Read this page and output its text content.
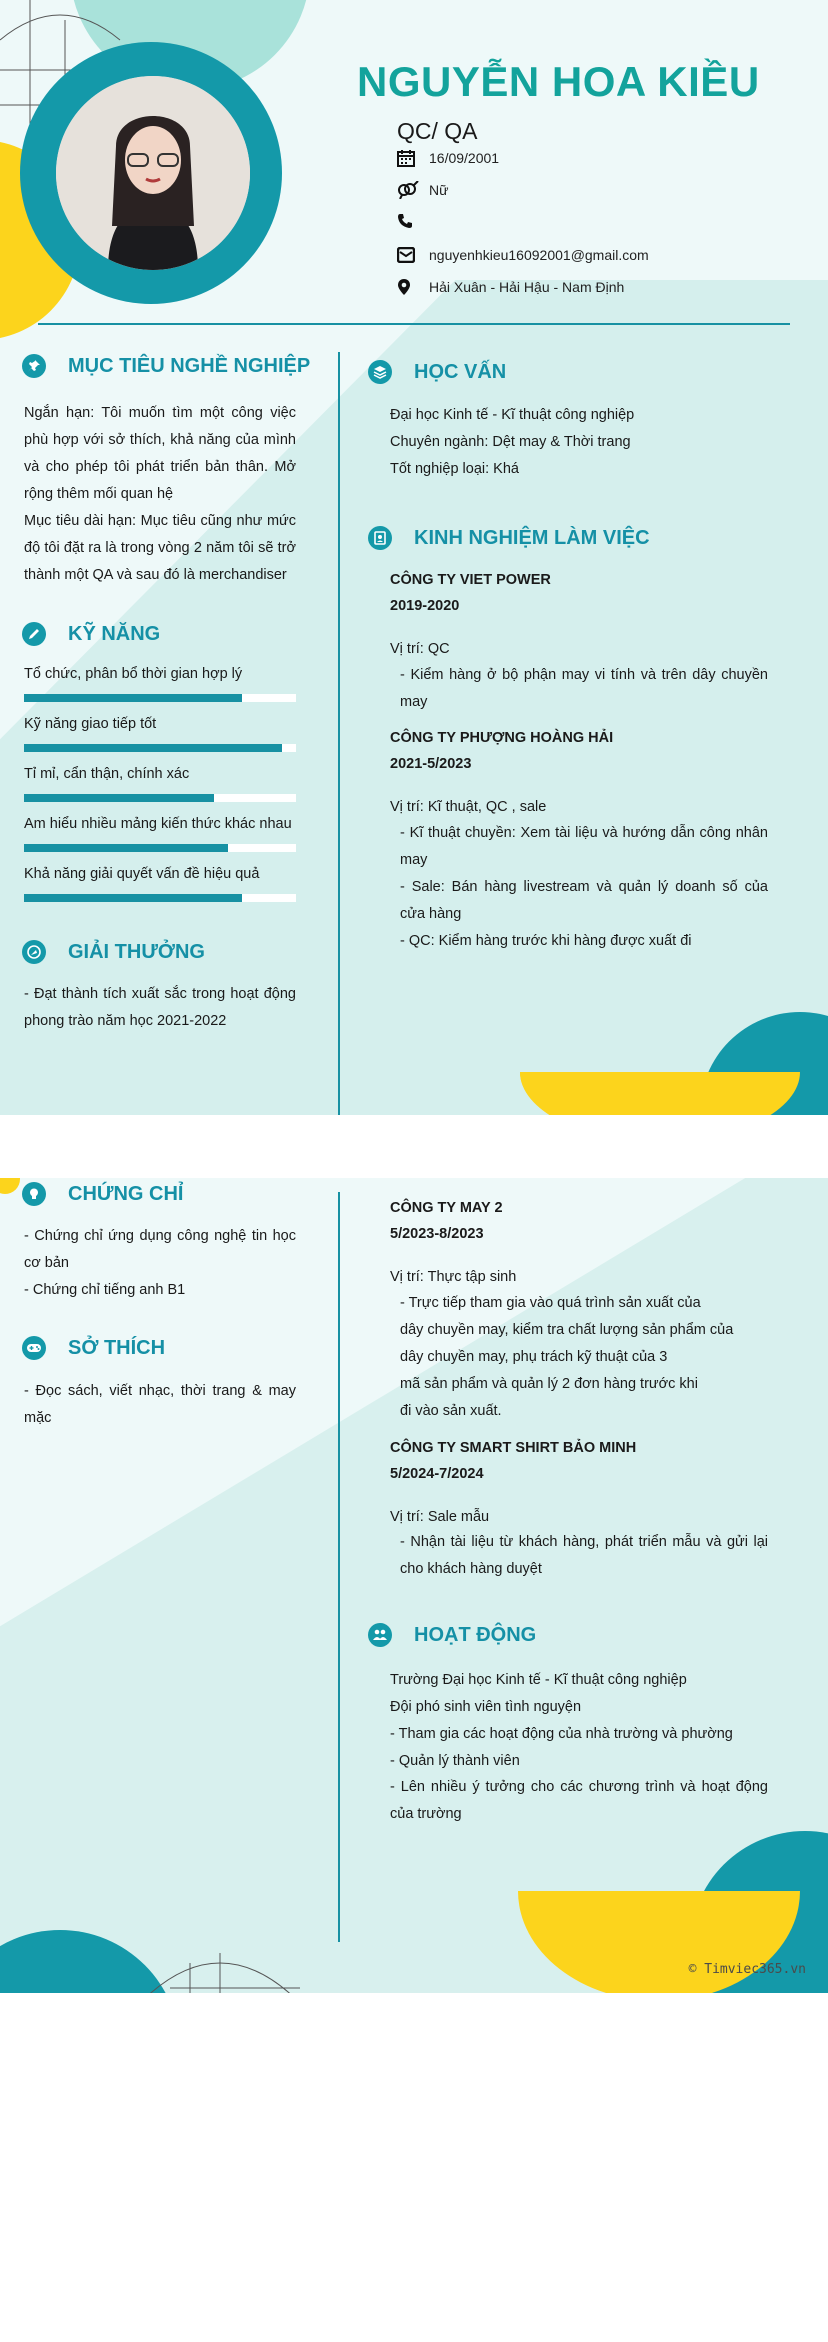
NGUYỄN HOA KIỀU
QC/ QA
16/09/2001
Nữ
nguyenhkieu16092001@gmail.com
Hải Xuân - Hải Hậu - Nam Định
MỤC TIÊU NGHỀ NGHIỆP
Ngắn hạn: Tôi muốn tìm một công việc phù hợp với sở thích, khả năng của mình và cho phép tôi phát triển bản thân. Mở rộng thêm mối quan hệ
Mục tiêu dài hạn: Mục tiêu cũng như mức độ tôi đặt ra là trong vòng 2 năm tôi sẽ trở thành một QA và sau đó là merchandiser
KỸ NĂNG
GIẢI THƯỞNG
- Đạt thành tích xuất sắc trong hoạt động phong trào năm học 2021-2022
HỌC VẤN
Đại học Kinh tế - Kĩ thuật công nghiệp
Chuyên ngành: Dệt may & Thời trang
Tốt nghiệp loại: Khá
KINH NGHIỆM LÀM VIỆC
CÔNG TY VIET POWER
2019-2020
Vị trí: QC
- Kiểm hàng ở bộ phận may vi tính và trên dây chuyền may
CÔNG TY PHƯỢNG HOÀNG HẢI
2021-5/2023
Vị trí: Kĩ thuật, QC , sale
- Kĩ thuật chuyền: Xem tài liệu và hướng dẫn công nhân may
- Sale: Bán hàng livestream và quản lý doanh số của cửa hàng
- QC: Kiểm hàng trước khi hàng được xuất đi
Tổ chức, phân bổ thời gian hợp lý
Kỹ năng giao tiếp tốt
Tỉ mỉ, cẩn thận, chính xác
Am hiểu nhiều mảng kiến thức khác nhau
Khả năng giải quyết vấn đề hiệu quả
CHỨNG CHỈ
- Chứng chỉ ứng dụng công nghệ tin học cơ bản
- Chứng chỉ tiếng anh B1
SỞ THÍCH
- Đọc sách, viết nhạc, thời trang & may mặc
CÔNG TY MAY 2
5/2023-8/2023
Vị trí: Thực tập sinh
- Trực tiếp tham gia vào quá trình sản xuất của
dây chuyền may, kiểm tra chất lượng sản phẩm của
dây chuyền may, phụ trách kỹ thuật của 3
mã sản phẩm và quản lý 2 đơn hàng trước khi
đi vào sản xuất.
CÔNG TY SMART SHIRT BẢO MINH
5/2024-7/2024
Vị trí: Sale mẫu
- Nhận tài liệu từ khách hàng, phát triển mẫu và gửi lại cho khách hàng duyệt
HOẠT ĐỘNG
Trường Đại học Kinh tế - Kĩ thuật công nghiệp
Đội phó sinh viên tình nguyện
- Tham gia các hoạt động của nhà trường và phường
- Quản lý thành viên
- Lên nhiều ý tưởng cho các chương trình và hoạt động của trường
© Timviec365.vn
